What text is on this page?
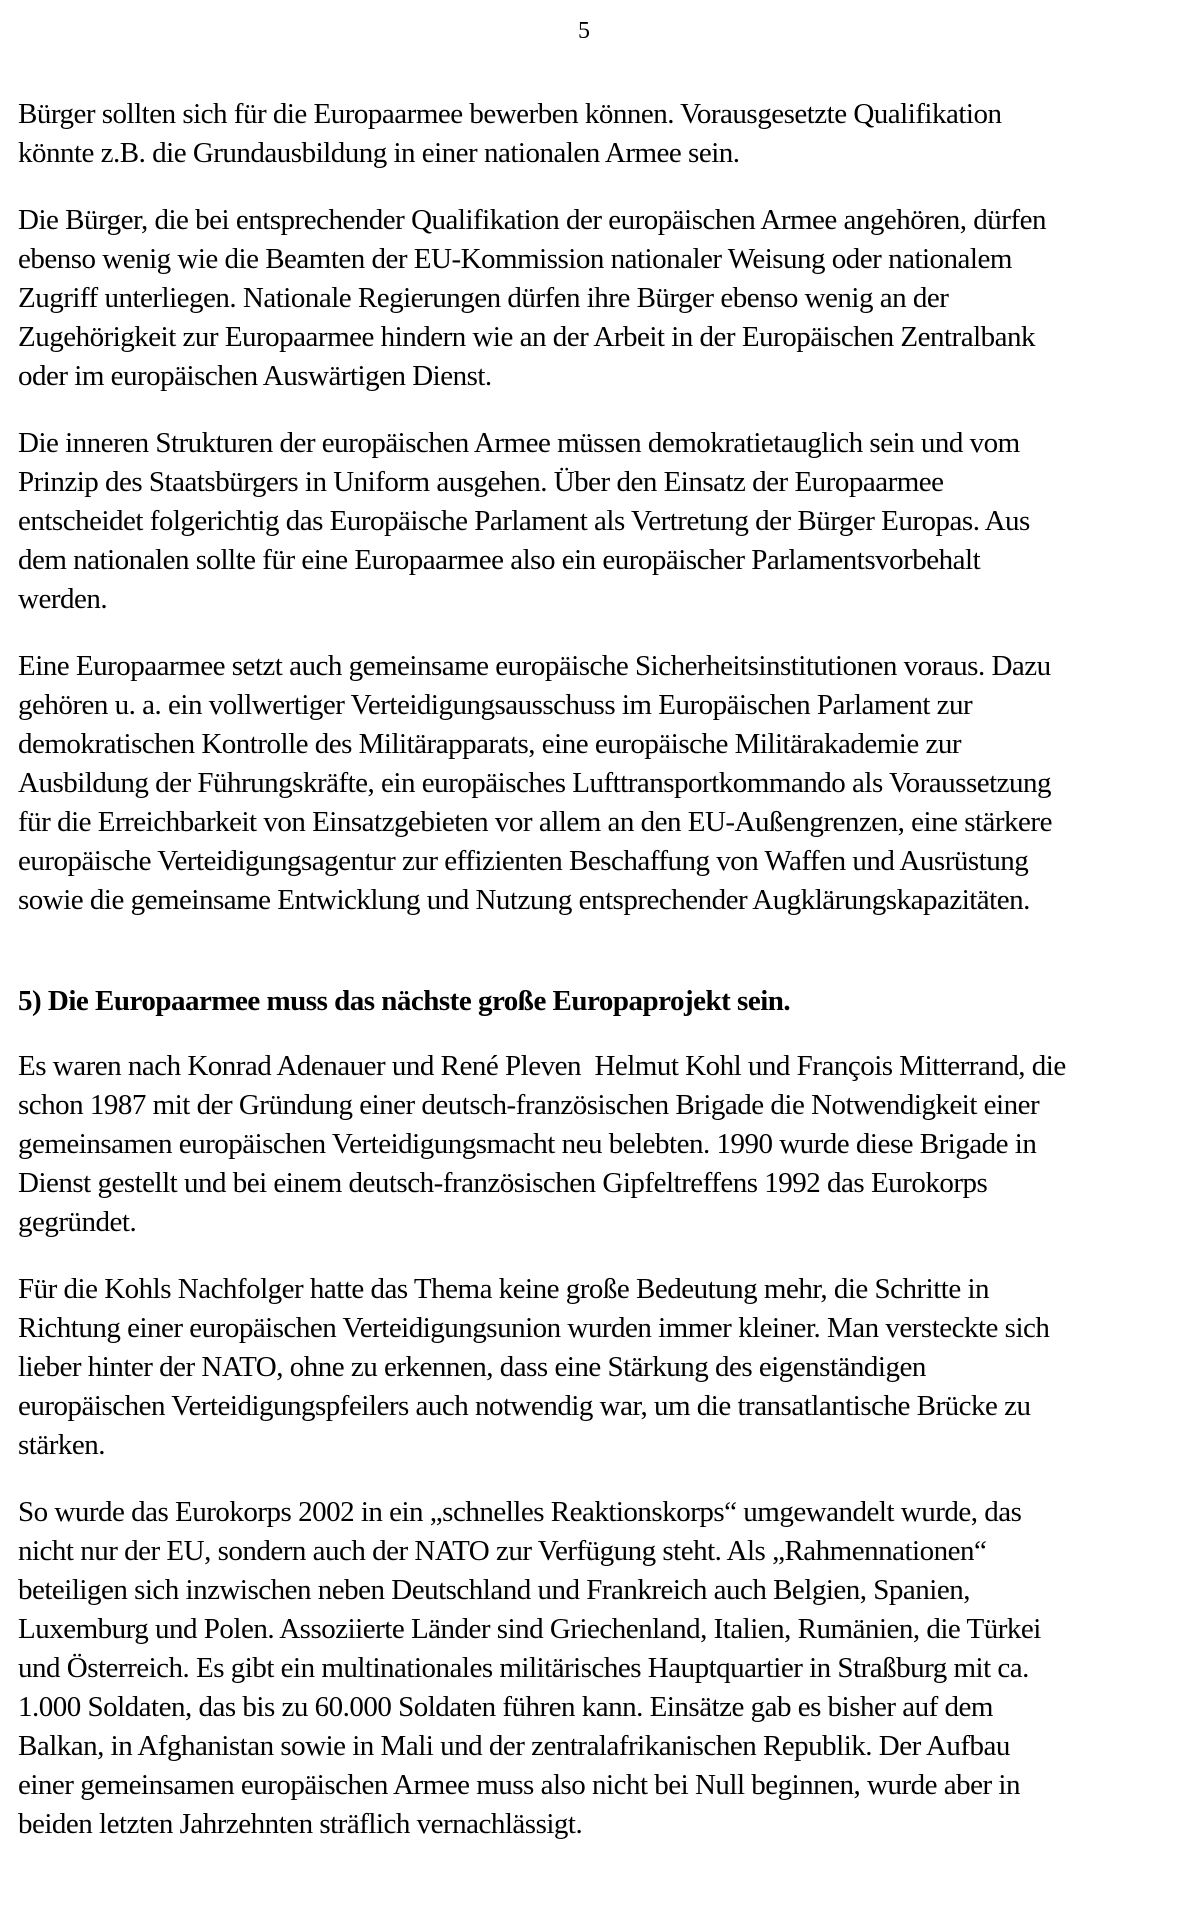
5
Bürger sollten sich für die Europaarmee bewerben können. Vorausgesetzte Qualifikation
könnte z.B. die Grundausbildung in einer nationalen Armee sein.
Die Bürger, die bei entsprechender Qualifikation der europäischen Armee angehören, dürfen
ebenso wenig wie die Beamten der EU-Kommission nationaler Weisung oder nationalem
Zugriff unterliegen. Nationale Regierungen dürfen ihre Bürger ebenso wenig an der
Zugehörigkeit zur Europaarmee hindern wie an der Arbeit in der Europäischen Zentralbank
oder im europäischen Auswärtigen Dienst.
Die inneren Strukturen der europäischen Armee müssen demokratietauglich sein und vom
Prinzip des Staatsbürgers in Uniform ausgehen. Über den Einsatz der Europaarmee
entscheidet folgerichtig das Europäische Parlament als Vertretung der Bürger Europas. Aus
dem nationalen sollte für eine Europaarmee also ein europäischer Parlamentsvorbehalt
werden.
Eine Europaarmee setzt auch gemeinsame europäische Sicherheitsinstitutionen voraus. Dazu
gehören u. a. ein vollwertiger Verteidigungsausschuss im Europäischen Parlament zur
demokratischen Kontrolle des Militärapparats, eine europäische Militärakademie zur
Ausbildung der Führungskräfte, ein europäisches Lufttransportkommando als Voraussetzung
für die Erreichbarkeit von Einsatzgebieten vor allem an den EU-Außengrenzen, eine stärkere
europäische Verteidigungsagentur zur effizienten Beschaffung von Waffen und Ausrüstung
sowie die gemeinsame Entwicklung und Nutzung entsprechender Augklärungskapazitäten.
5) Die Europaarmee muss das nächste große Europaprojekt sein.
Es waren nach Konrad Adenauer und René Pleven  Helmut Kohl und François Mitterrand, die
schon 1987 mit der Gründung einer deutsch-französischen Brigade die Notwendigkeit einer
gemeinsamen europäischen Verteidigungsmacht neu belebten. 1990 wurde diese Brigade in
Dienst gestellt und bei einem deutsch-französischen Gipfeltreffens 1992 das Eurokorps
gegründet.
Für die Kohls Nachfolger hatte das Thema keine große Bedeutung mehr, die Schritte in
Richtung einer europäischen Verteidigungsunion wurden immer kleiner. Man versteckte sich
lieber hinter der NATO, ohne zu erkennen, dass eine Stärkung des eigenständigen
europäischen Verteidigungspfeilers auch notwendig war, um die transatlantische Brücke zu
stärken.
So wurde das Eurokorps 2002 in ein „schnelles Reaktionskorps“ umgewandelt wurde, das
nicht nur der EU, sondern auch der NATO zur Verfügung steht. Als „Rahmennationen“
beteiligen sich inzwischen neben Deutschland und Frankreich auch Belgien, Spanien,
Luxemburg und Polen. Assoziierte Länder sind Griechenland, Italien, Rumänien, die Türkei
und Österreich. Es gibt ein multinationales militärisches Hauptquartier in Straßburg mit ca.
1.000 Soldaten, das bis zu 60.000 Soldaten führen kann. Einsätze gab es bisher auf dem
Balkan, in Afghanistan sowie in Mali und der zentralafrikanischen Republik. Der Aufbau
einer gemeinsamen europäischen Armee muss also nicht bei Null beginnen, wurde aber in
beiden letzten Jahrzehnten sträflich vernachlässigt.
